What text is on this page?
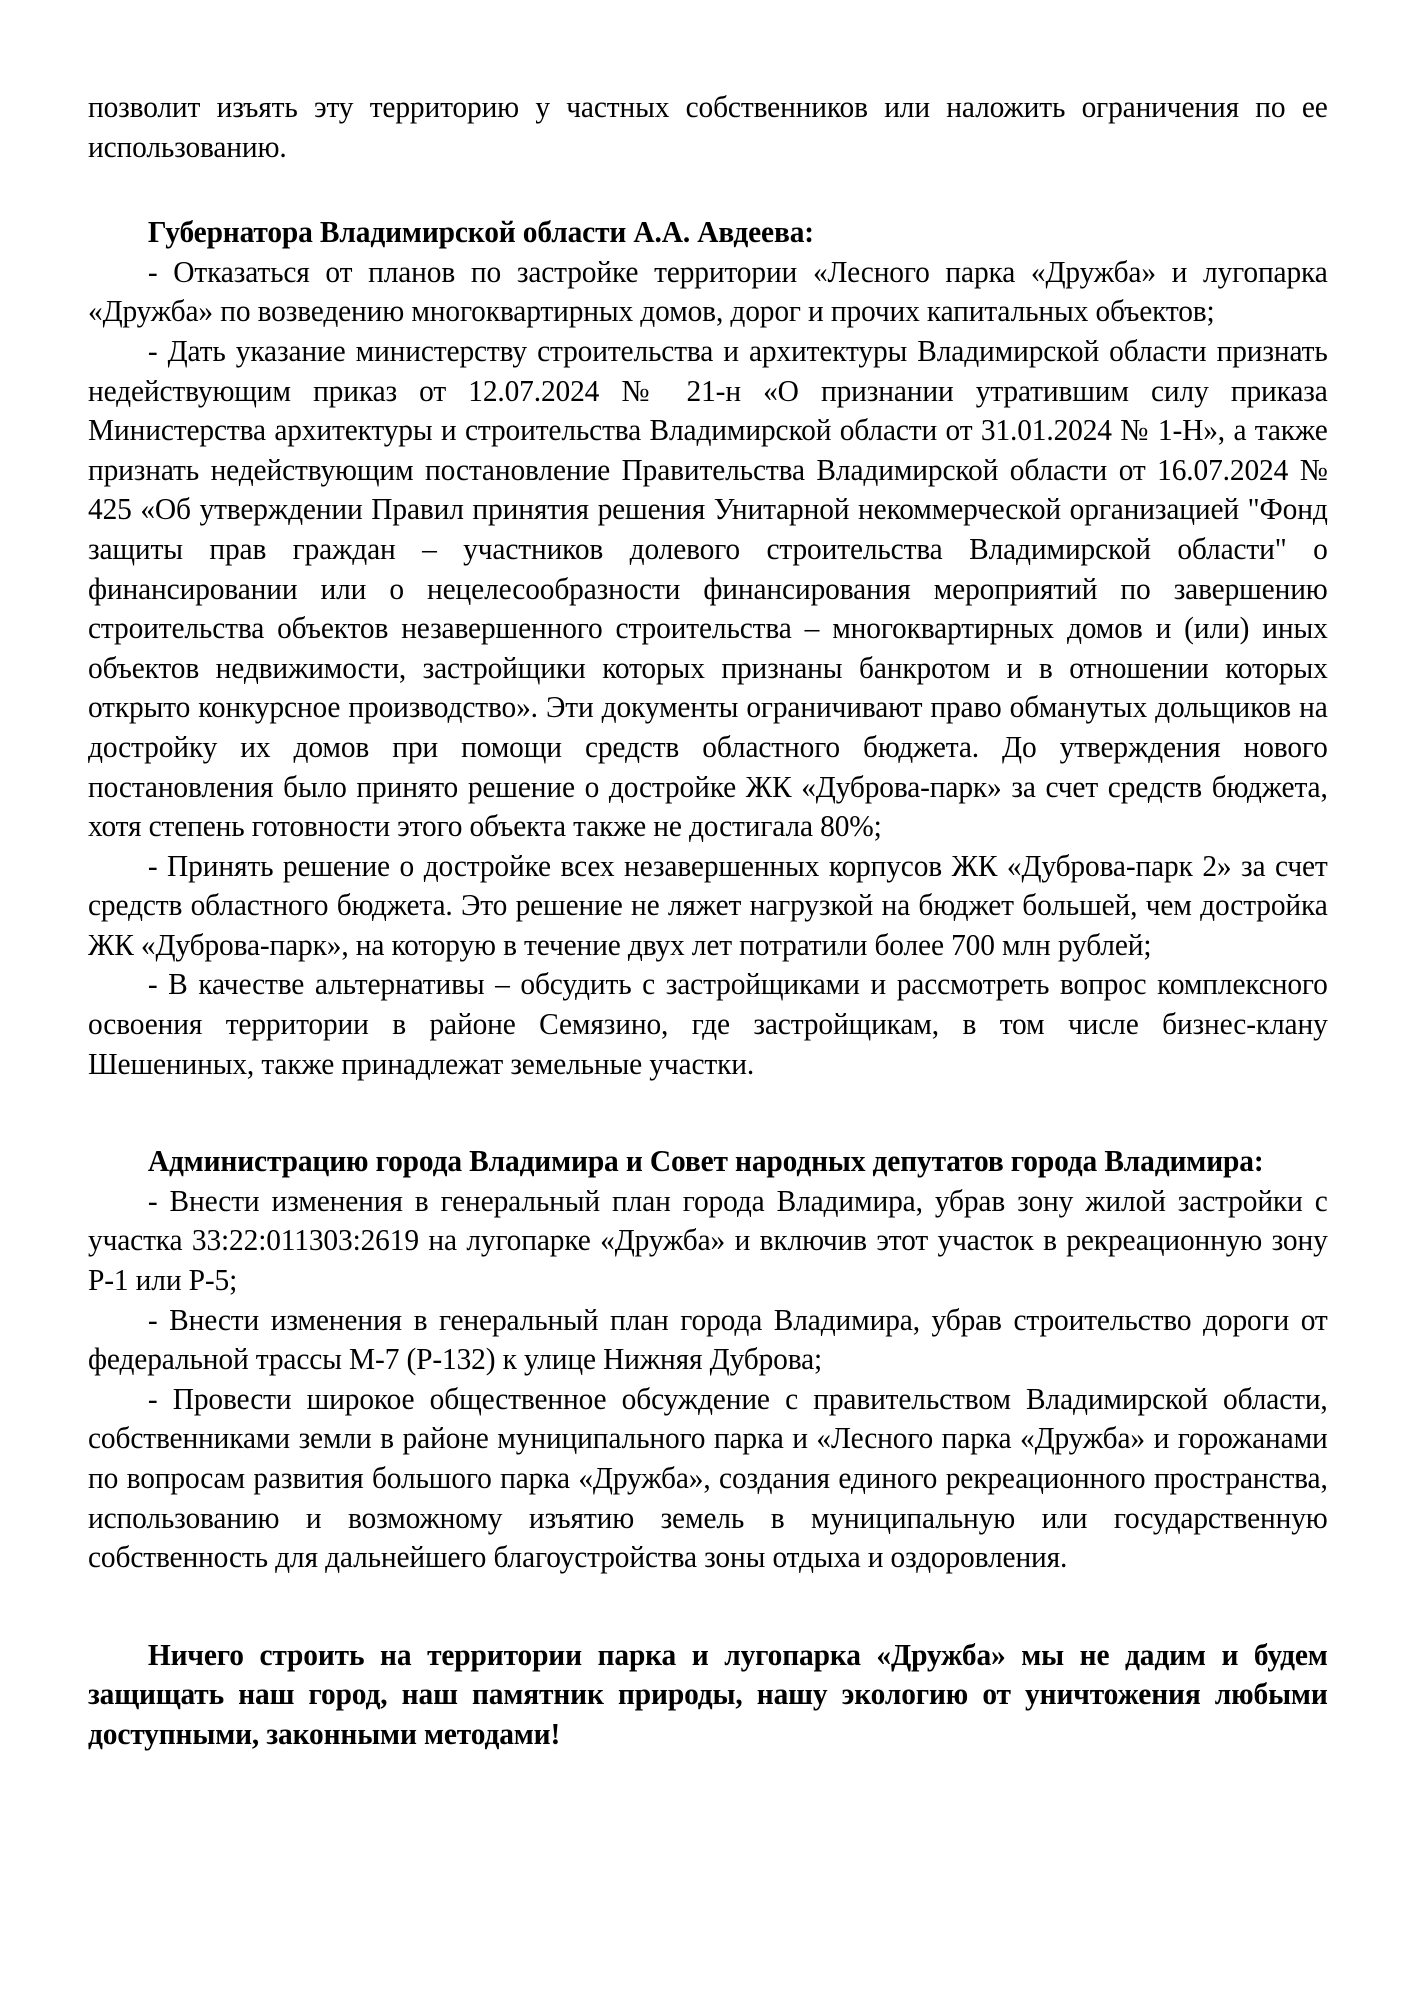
позволит изъять эту территорию у частных собственников или наложить ограничения по ее использованию.

Губернатора Владимирской области А.А. Авдеева:

- Отказаться от планов по застройке территории «Лесного парка «Дружба» и лугопарка «Дружба» по возведению многоквартирных домов, дорог и прочих капитальных объектов;

- Дать указание министерству строительства и архитектуры Владимирской области признать недействующим приказ от 12.07.2024 № 21-н «О признании утратившим силу приказа Министерства архитектуры и строительства Владимирской области от 31.01.2024 № 1-Н», а также признать недействующим постановление Правительства Владимирской области от 16.07.2024 № 425 «Об утверждении Правил принятия решения Унитарной некоммерческой организацией "Фонд защиты прав граждан – участников долевого строительства Владимирской области" о финансировании или о нецелесообразности финансирования мероприятий по завершению строительства объектов незавершенного строительства – многоквартирных домов и (или) иных объектов недвижимости, застройщики которых признаны банкротом и в отношении которых открыто конкурсное производство». Эти документы ограничивают право обманутых дольщиков на достройку их домов при помощи средств областного бюджета. До утверждения нового постановления было принято решение о достройке ЖК «Дуброва-парк» за счет средств бюджета, хотя степень готовности этого объекта также не достигала 80%;

- Принять решение о достройке всех незавершенных корпусов ЖК «Дуброва-парк 2» за счет средств областного бюджета. Это решение не ляжет нагрузкой на бюджет большей, чем достройка ЖК «Дуброва-парк», на которую в течение двух лет потратили более 700 млн рублей;

- В качестве альтернативы – обсудить с застройщиками и рассмотреть вопрос комплексного освоения территории в районе Семязино, где застройщикам, в том числе бизнес-клану Шешениных, также принадлежат земельные участки.

Администрацию города Владимира и Совет народных депутатов города Владимира:

- Внести изменения в генеральный план города Владимира, убрав зону жилой застройки с участка 33:22:011303:2619 на лугопарке «Дружба» и включив этот участок в рекреационную зону Р-1 или Р-5;

- Внести изменения в генеральный план города Владимира, убрав строительство дороги от федеральной трассы М-7 (Р-132) к улице Нижняя Дуброва;

- Провести широкое общественное обсуждение с правительством Владимирской области, собственниками земли в районе муниципального парка и «Лесного парка «Дружба» и горожанами по вопросам развития большого парка «Дружба», создания единого рекреационного пространства, использованию и возможному изъятию земель в муниципальную или государственную собственность для дальнейшего благоустройства зоны отдыха и оздоровления.

Ничего строить на территории парка и лугопарка «Дружба» мы не дадим и будем защищать наш город, наш памятник природы, нашу экологию от уничтожения любыми доступными, законными методами!
